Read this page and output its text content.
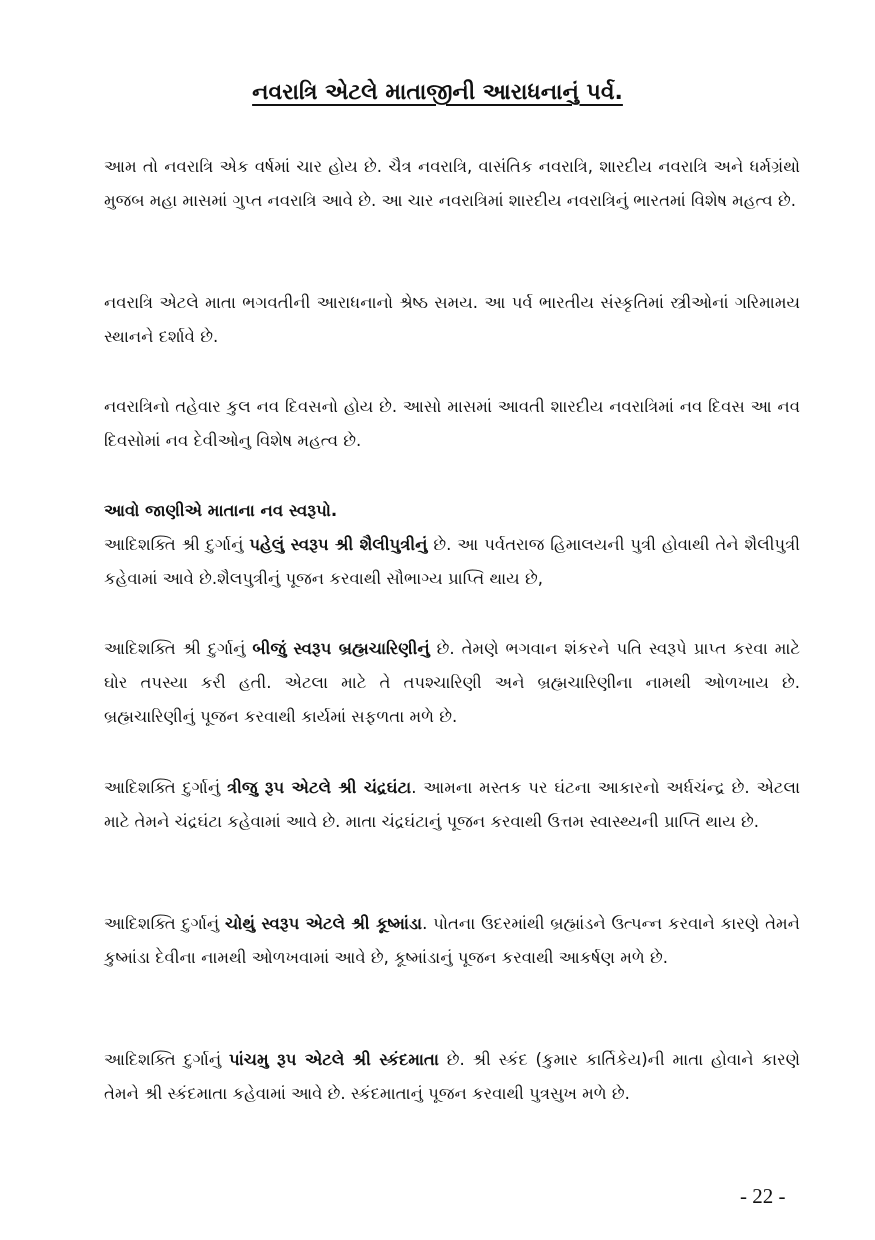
નવરાત્રિ એટલે માતાજીની આરાધનાનું પર્વ.

આમ તો નવરાત્રિ એક વર્ષમાં ચાર હોય છે. ચૈત્ર નવરાત્રિ, વાસંતિક નવરાત્રિ, શારદીય નવરાત્રિ અને ધર્મગ્રંથો મુજબ મહા માસમાં ગુપ્ત નવરાત્રિ આવે છે. આ ચાર નવરાત્રિમાં શારદીય નવરાત્રિનું ભારતમાં વિશેષ મહત્વ છે.

નવરાત્રિ એટલે માતા ભગવતીની આરાધનાનો શ્રેષ્ઠ સમય. આ પર્વ ભારતીય સંસ્કૃતિમાં સ્ત્રીઓનાં ગરિમામય સ્થાનને દર્શાવે છે.

નવરાત્રિનો તહેવાર કુલ નવ દિવસનો હોય છે. આસો માસમાં આવતી શારદીય નવરાત્રિમાં નવ દિવસ આ નવ દિવસોમાં નવ દેવીઓનુ વિશેષ મહત્વ છે.

આવો જાણીએ માતાના નવ સ્વરૂપો.

આદિશક્તિ શ્રી દુર્ગાનું પહેલું સ્વરૂપ શ્રી શૈલીપુત્રીનું છે. આ પર્વતરાજ હિમાલયની પુત્રી હોવાથી તેને શૈલીપુત્રી કહેવામાં આવે છે.શૈલપુત્રીનું પૂજન કરવાથી સૌભાગ્ય પ્રાપ્તિ થાય છે,

આદિશક્તિ શ્રી દુર્ગાનું બીજું સ્વરૂપ બ્રહ્મચારિણીનું છે. તેમણે ભગવાન શંકરને પતિ સ્વરૂપે પ્રાપ્ત કરવા માટે ઘોર તપસ્યા કરી હતી. એટલા માટે તે તપશ્ચારિણી અને બ્રહ્મચારિણીના નામથી ઓળખાય છે. બ્રહ્મચારિણીનું પૂજન કરવાથી કાર્યમાં સફળતા મળે છે.

આદિશક્તિ દુર્ગાનું ત્રીજુ રૂપ એટલે શ્રી ચંદ્રઘંટા. આમના મસ્તક પર ઘંટના આકારનો અર્ધચંન્દ્ર છે. એટલા માટે તેમને ચંદ્રઘંટા કહેવામાં આવે છે. માતા ચંદ્રઘંટાનું પૂજન કરવાથી ઉત્તમ સ્વાસ્થ્યની પ્રાપ્તિ થાય છે.

આદિશક્તિ દુર્ગાનું ચોથું સ્વરૂપ એટલે શ્રી કૂષ્માંડા. પોતના ઉદરમાંથી બ્રહ્માંડને ઉત્પન્ન કરવાને કારણે તેમને કુષ્માંડા દેવીના નામથી ઓળખવામાં આવે છે, કૂષ્માંડાનું પૂજન કરવાથી આકર્ષણ મળે છે.

આદિશક્તિ દુર્ગાનું પાંચમુ રૂપ એટલે શ્રી સ્કંદમાતા છે. શ્રી સ્કંદ (કુમાર કાર્તિકેય)ની માતા હોવાને કારણે તેમને શ્રી સ્કંદમાતા કહેવામાં આવે છે. સ્કંદમાતાનું પૂજન કરવાથી પુત્રસુખ મળે છે.

- 22 -
